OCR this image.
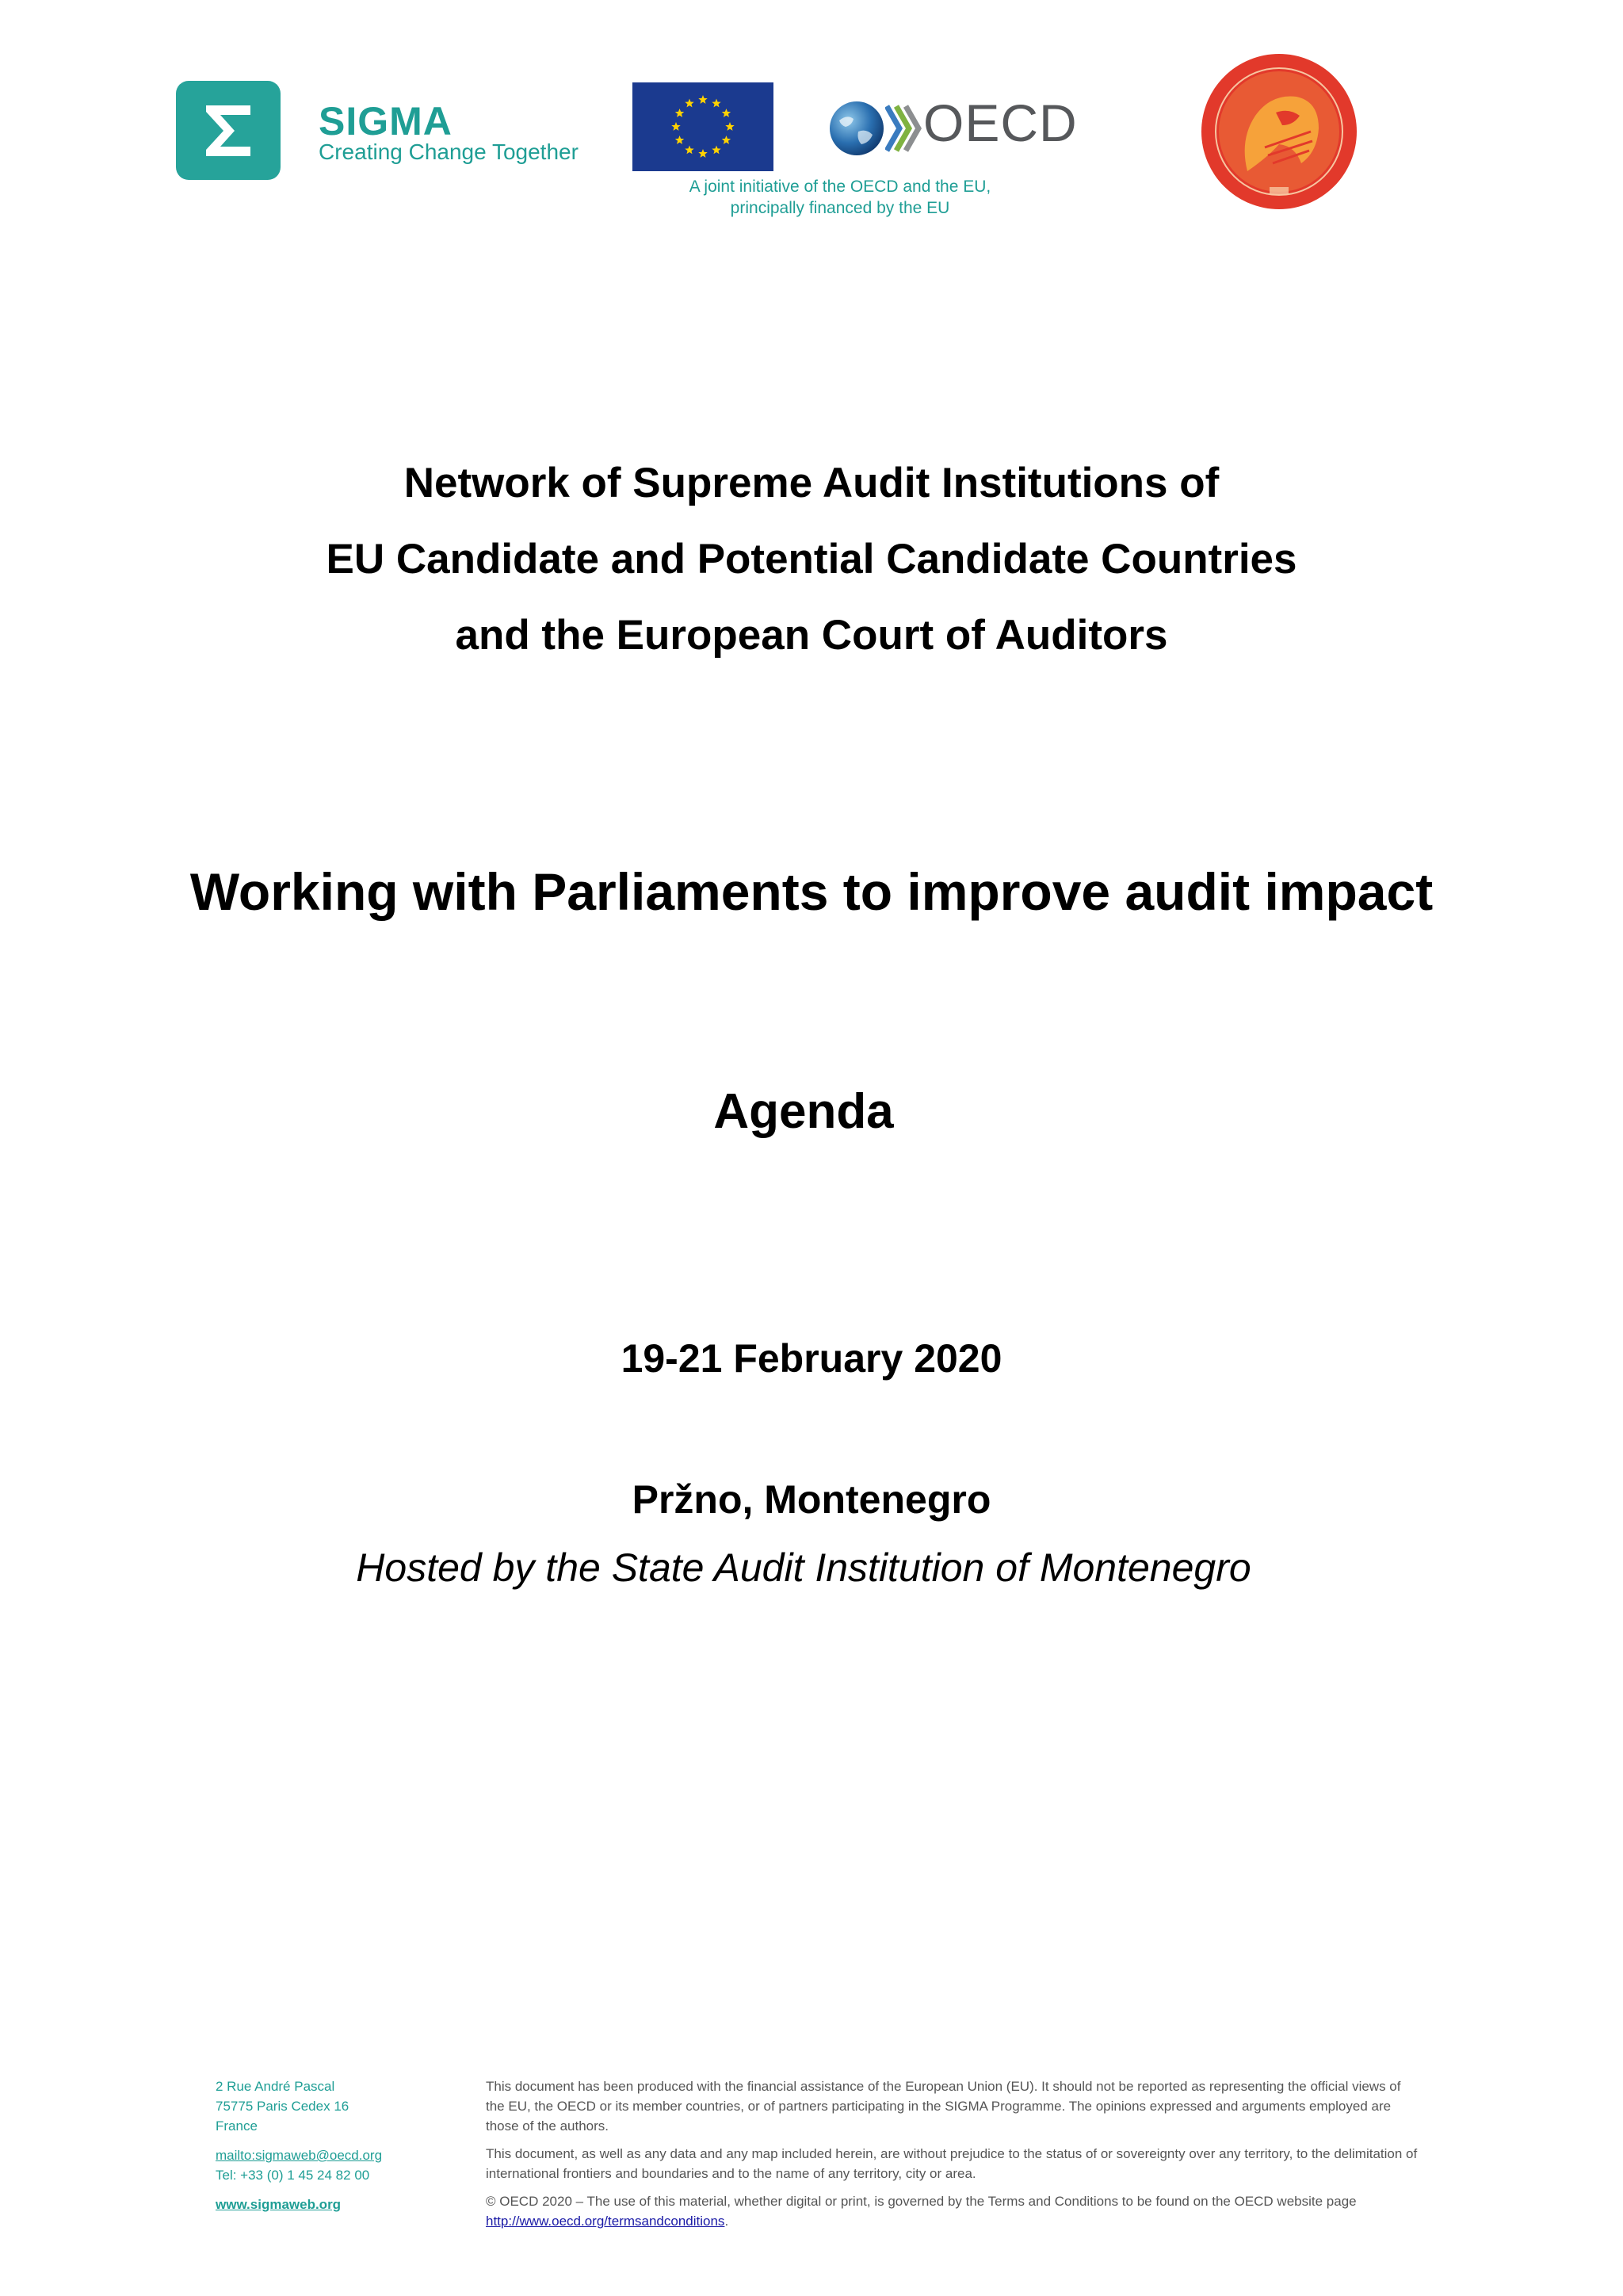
SIGMA
Creating Change Together	OECD
A joint initiative of the OECD and the EU,
principally financed by the EU
Network of Supreme Audit Institutions of
EU Candidate and Potential Candidate Countries
and the European Court of Auditors
Working with Parliaments to improve audit impact
Agenda
19-21 February 2020
Pržno, Montenegro
Hosted by the State Audit Institution of Montenegro
2 Rue André Pascal
75775 Paris Cedex 16
France
mailto:sigmaweb@oecd.org
Tel: +33 (0) 1 45 24 82 00
www.sigmaweb.org

This document has been produced with the financial assistance of the European Union (EU). It should not be reported as representing the official views of the EU, the OECD or its member countries, or of partners participating in the SIGMA Programme. The opinions expressed and arguments employed are those of the authors.

This document, as well as any data and any map included herein, are without prejudice to the status of or sovereignty over any territory, to the delimitation of international frontiers and boundaries and to the name of any territory, city or area.

© OECD 2020 – The use of this material, whether digital or print, is governed by the Terms and Conditions to be found on the OECD website page http://www.oecd.org/termsandconditions.
